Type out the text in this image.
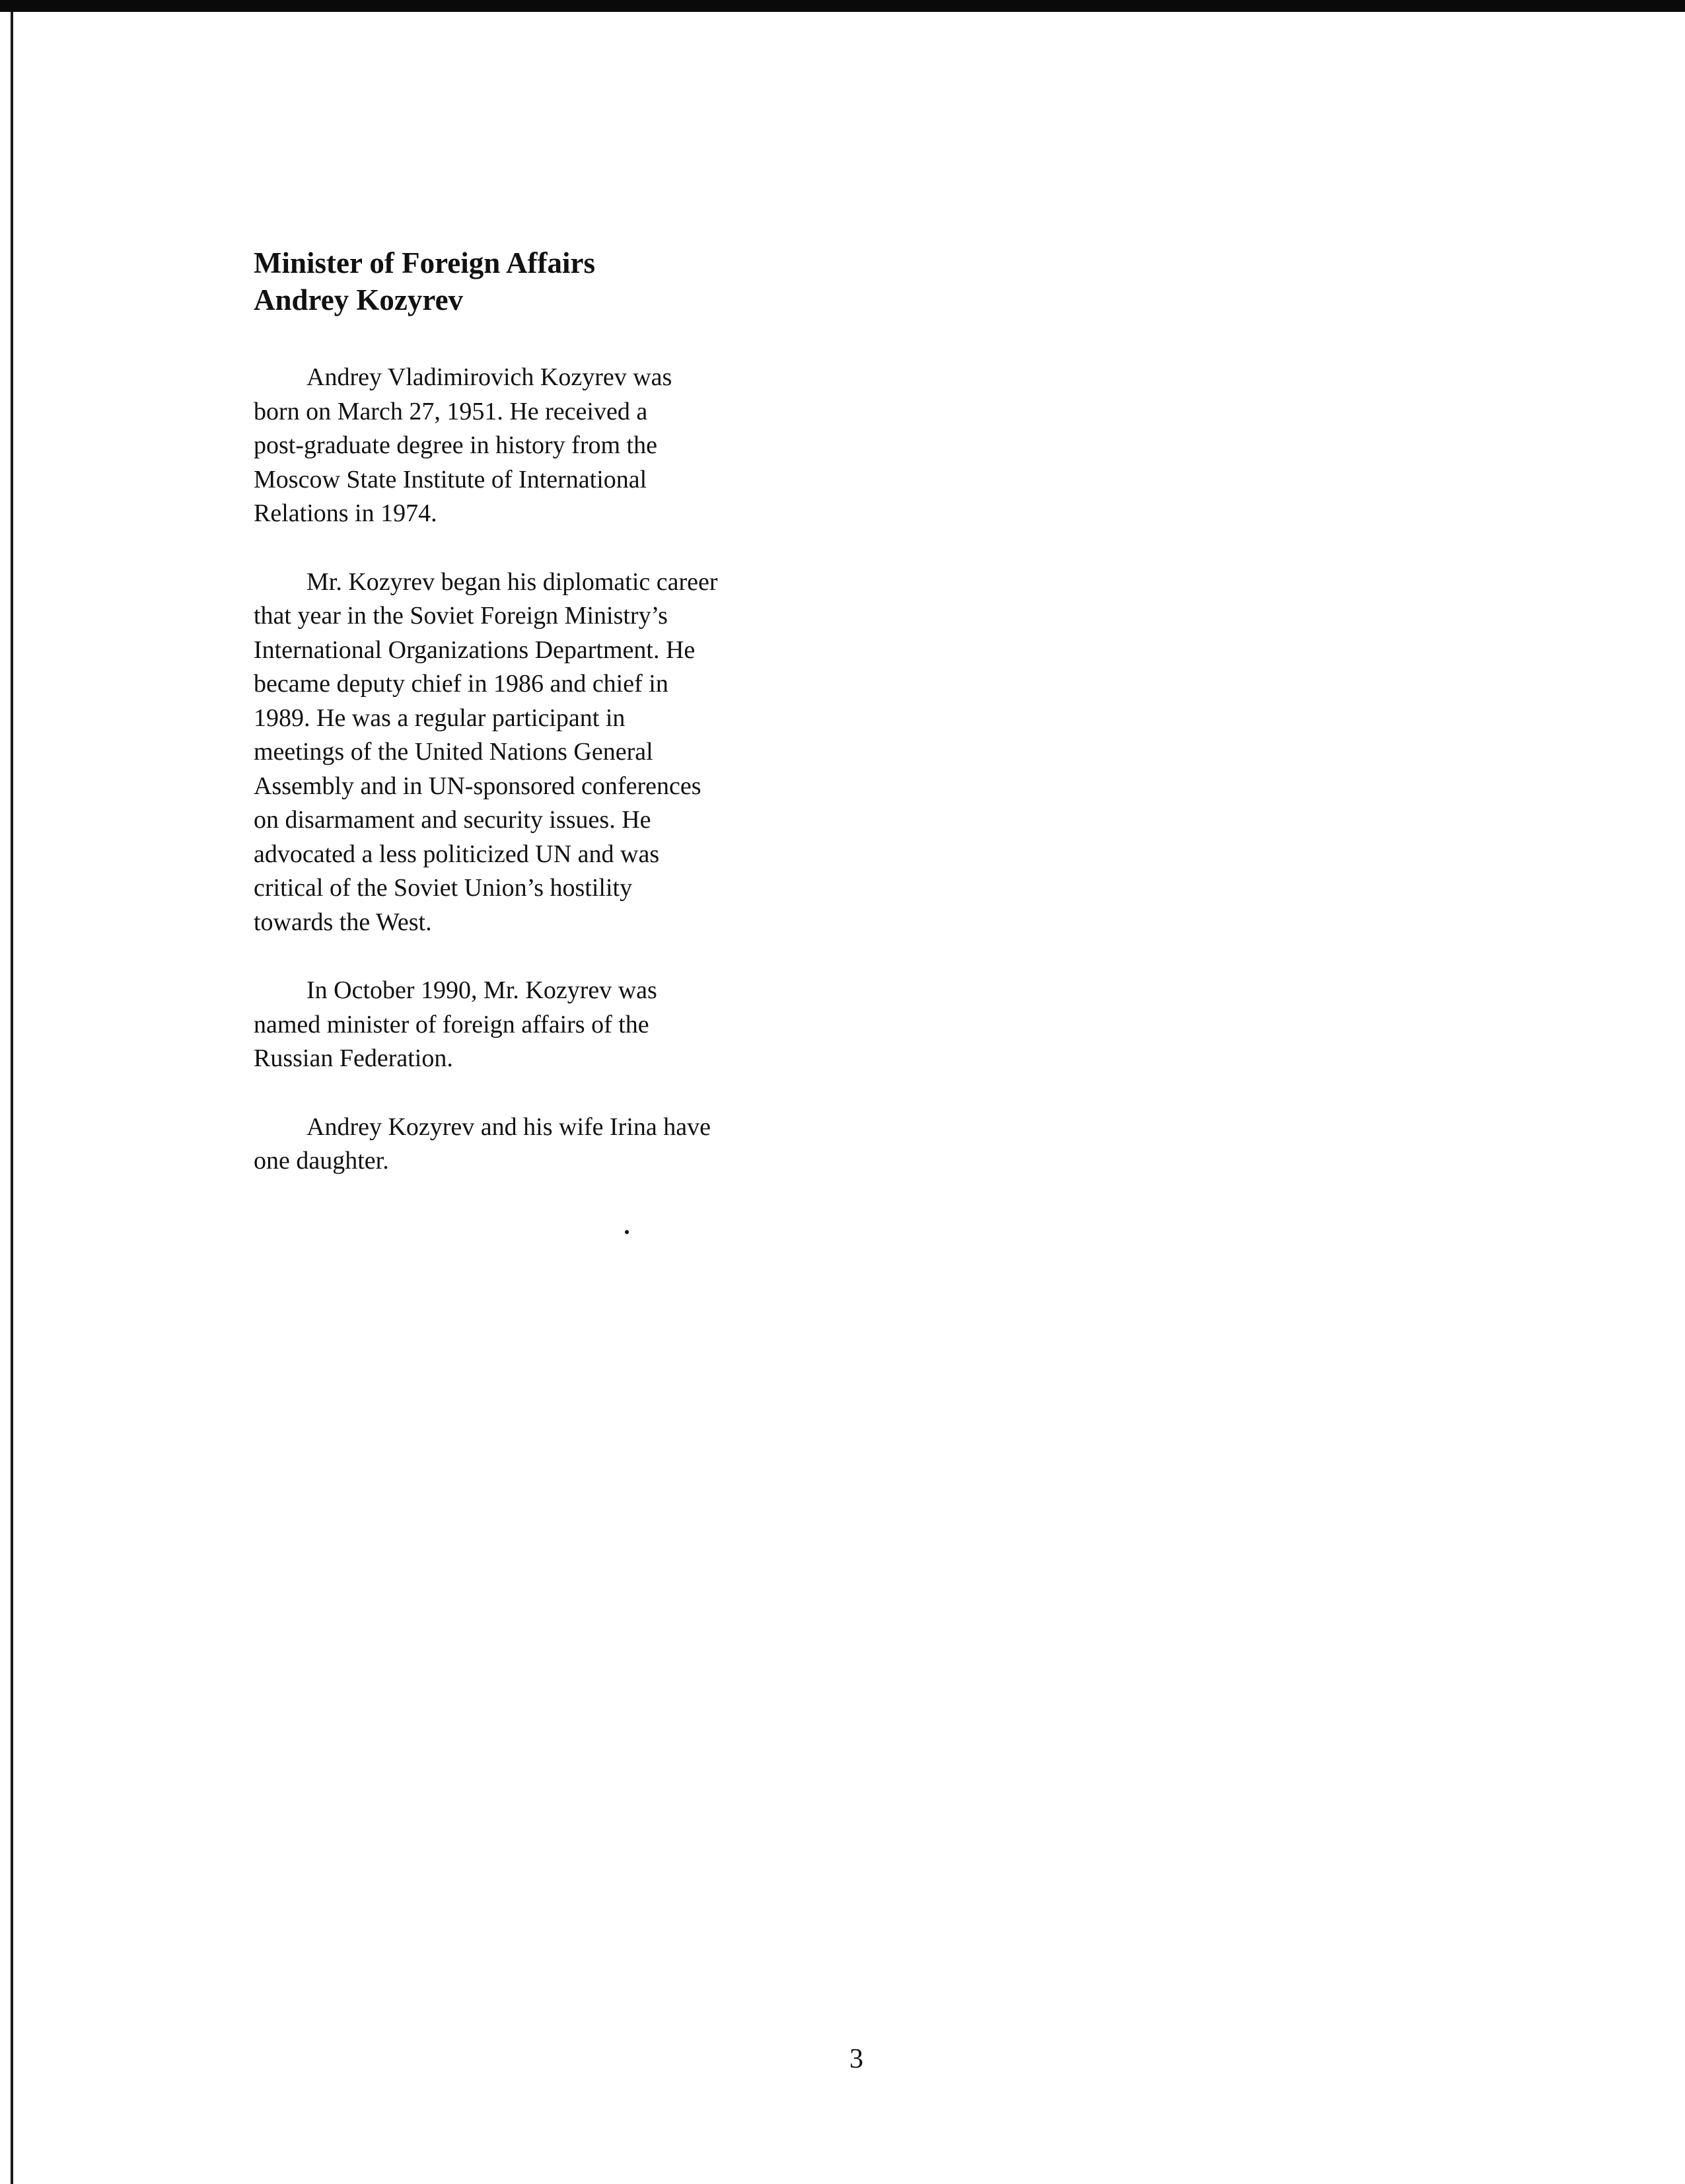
Minister of Foreign Affairs
Andrey Kozyrev
Andrey Vladimirovich Kozyrev was
born on March 27, 1951. He received a
post-graduate degree in history from the
Moscow State Institute of International
Relations in 1974.
Mr. Kozyrev began his diplomatic career
that year in the Soviet Foreign Ministry’s
International Organizations Department. He
became deputy chief in 1986 and chief in
1989. He was a regular participant in
meetings of the United Nations General
Assembly and in UN-sponsored conferences
on disarmament and security issues. He
advocated a less politicized UN and was
critical of the Soviet Union’s hostility
towards the West.
In October 1990, Mr. Kozyrev was
named minister of foreign affairs of the
Russian Federation.
Andrey Kozyrev and his wife Irina have
one daughter.
3
